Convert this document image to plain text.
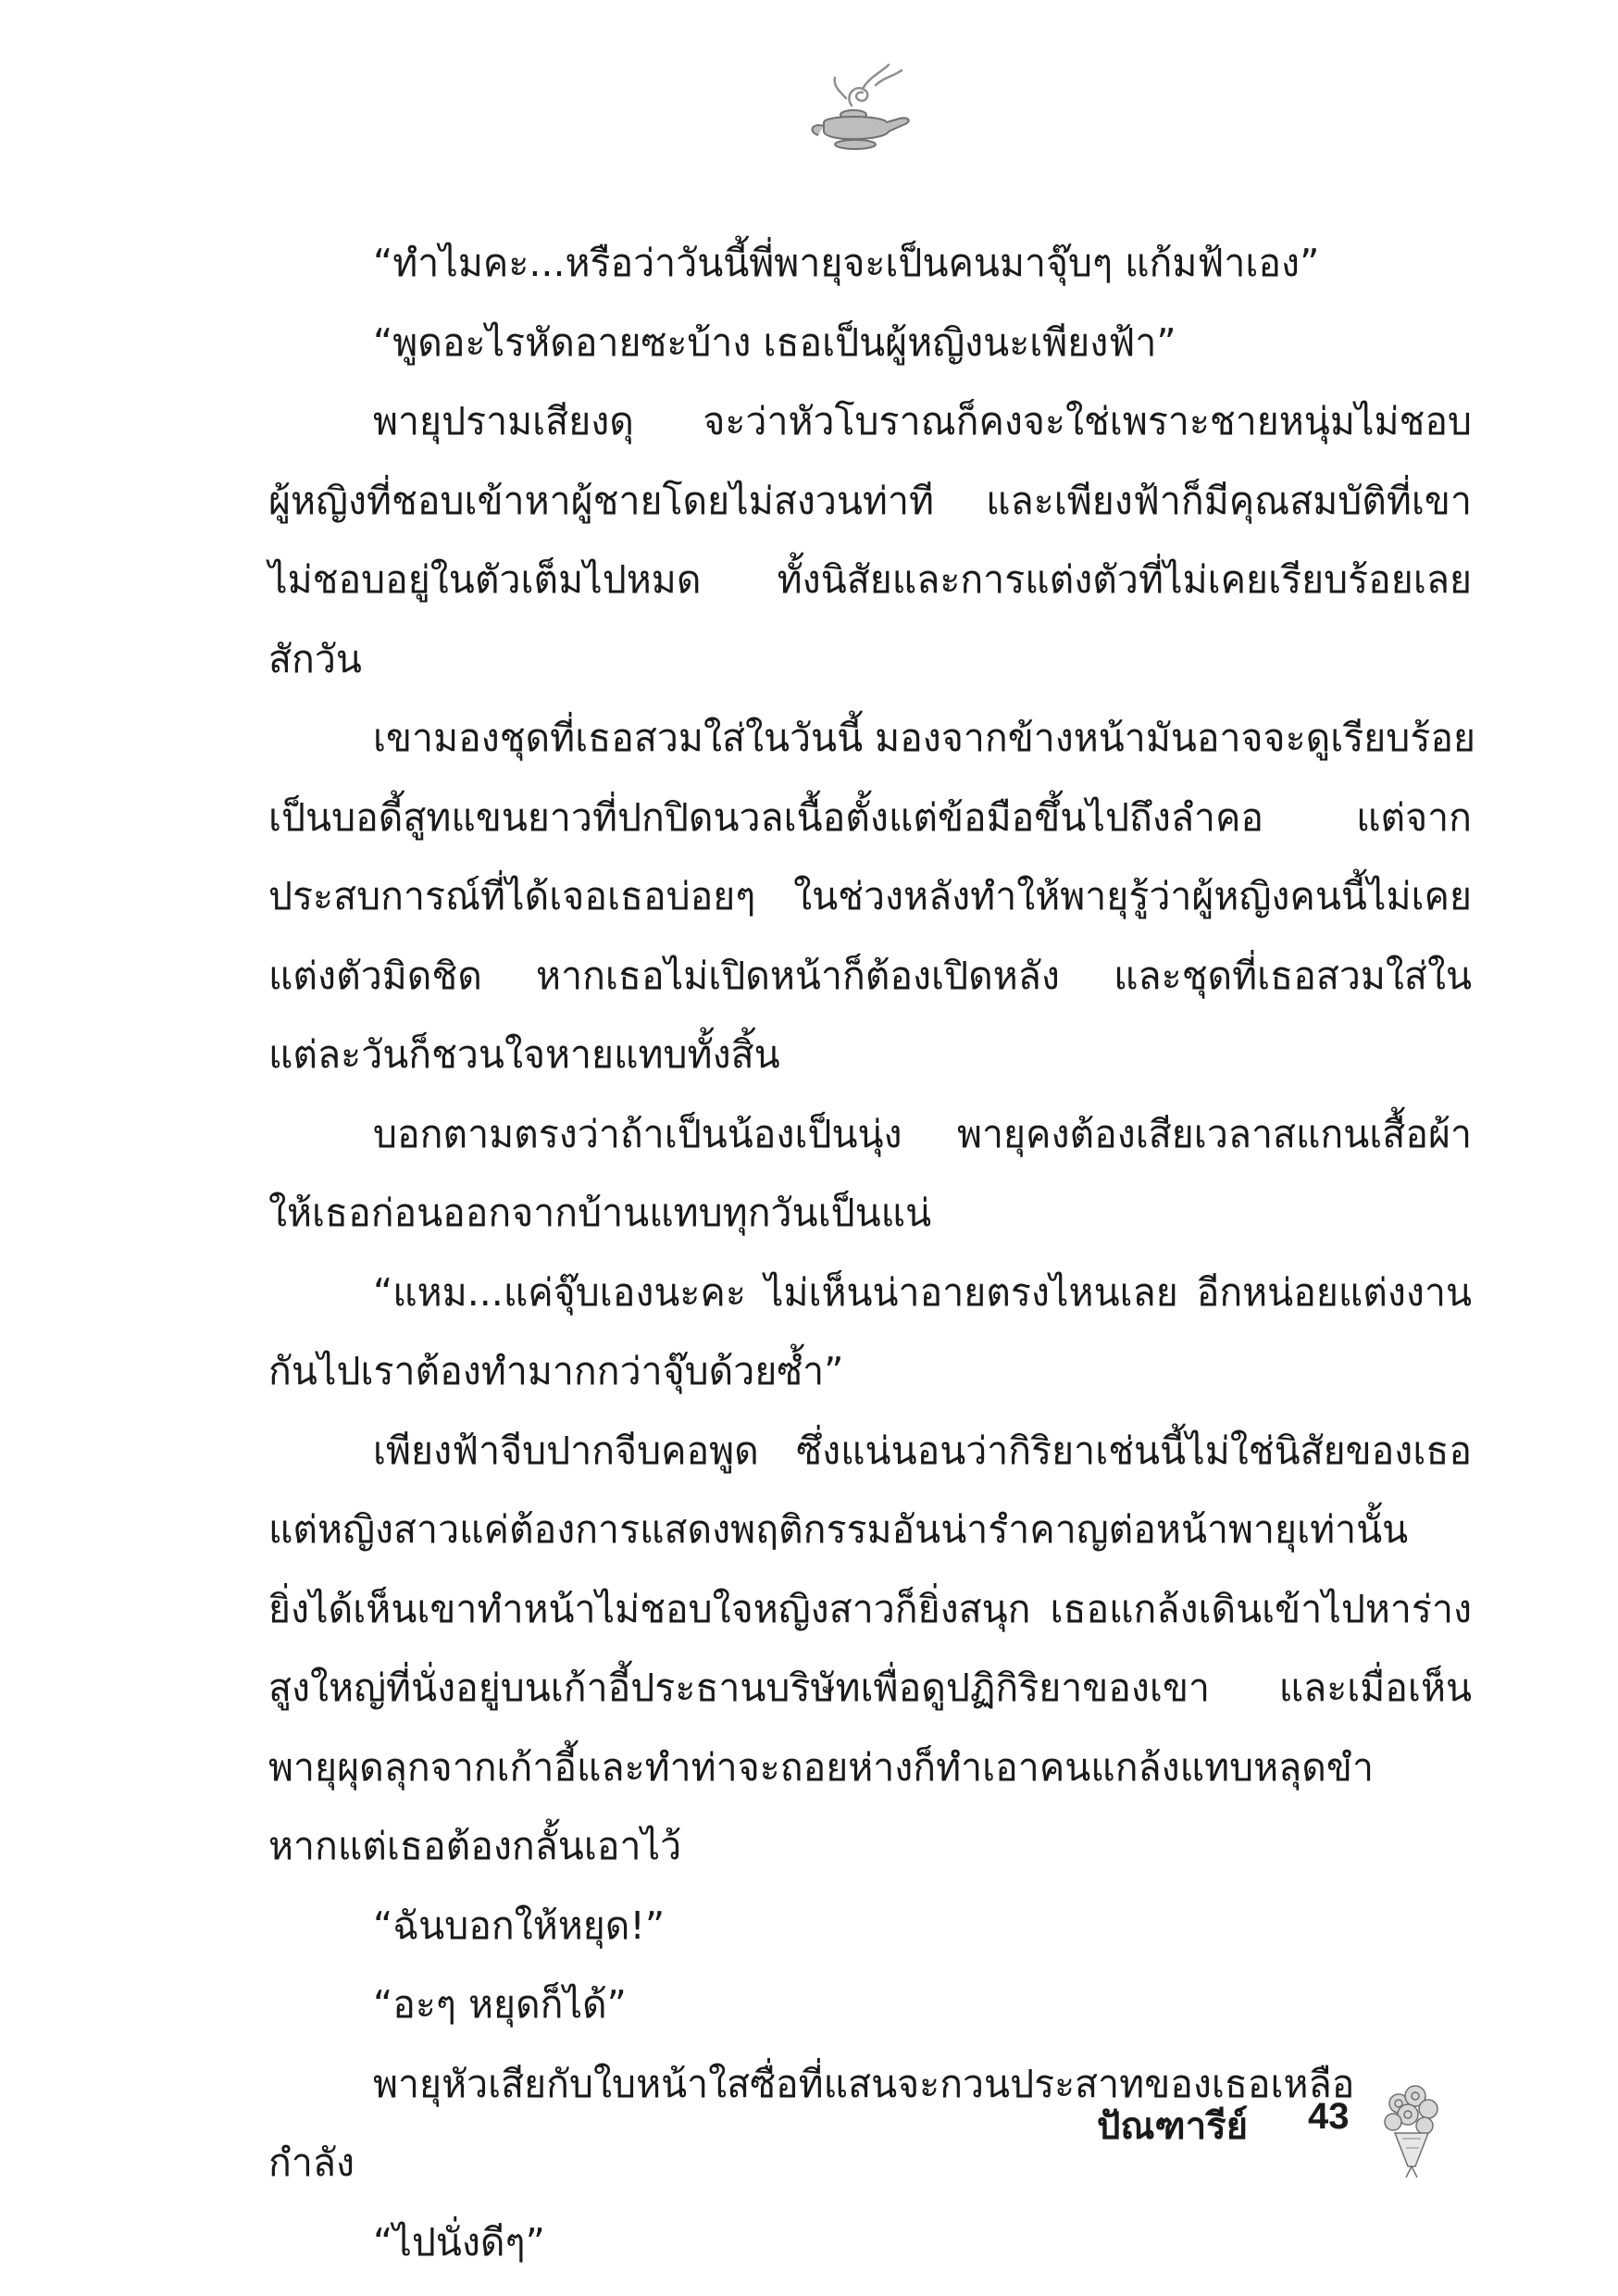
“ทำไมคะ...หรือว่าวันนี้พี่พายุจะเป็นคนมาจุ๊บๆ แก้มฟ้าเอง”
“พูดอะไรหัดอายซะบ้าง เธอเป็นผู้หญิงนะเพียงฟ้า”
พายุปรามเสียงดุ จะว่าหัวโบราณก็คงจะใช่เพราะชายหนุ่มไม่ชอบ
ผู้หญิงที่ชอบเข้าหาผู้ชายโดยไม่สงวนท่าที และเพียงฟ้าก็มีคุณสมบัติที่เขา
ไม่ชอบอยู่ในตัวเต็มไปหมด ทั้งนิสัยและการแต่งตัวที่ไม่เคยเรียบร้อยเลย
สักวัน
เขามองชุดที่เธอสวมใส่ในวันนี้ มองจากข้างหน้ามันอาจจะดูเรียบร้อย
เป็นบอดี้สูทแขนยาวที่ปกปิดนวลเนื้อตั้งแต่ข้อมือขึ้นไปถึงลำคอ แต่จาก
ประสบการณ์ที่ได้เจอเธอบ่อยๆ ในช่วงหลังทำให้พายุรู้ว่าผู้หญิงคนนี้ไม่เคย
แต่งตัวมิดชิด หากเธอไม่เปิดหน้าก็ต้องเปิดหลัง และชุดที่เธอสวมใส่ใน
แต่ละวันก็ชวนใจหายแทบทั้งสิ้น
บอกตามตรงว่าถ้าเป็นน้องเป็นนุ่ง พายุคงต้องเสียเวลาสแกนเสื้อผ้า
ให้เธอก่อนออกจากบ้านแทบทุกวันเป็นแน่
“แหม...แค่จุ๊บเองนะคะ ไม่เห็นน่าอายตรงไหนเลย อีกหน่อยแต่งงาน
กันไปเราต้องทำมากกว่าจุ๊บด้วยซ้ำ”
เพียงฟ้าจีบปากจีบคอพูด ซึ่งแน่นอนว่ากิริยาเช่นนี้ไม่ใช่นิสัยของเธอ
แต่หญิงสาวแค่ต้องการแสดงพฤติกรรมอันน่ารำคาญต่อหน้าพายุเท่านั้น
ยิ่งได้เห็นเขาทำหน้าไม่ชอบใจหญิงสาวก็ยิ่งสนุก เธอแกล้งเดินเข้าไปหาร่าง
สูงใหญ่ที่นั่งอยู่บนเก้าอี้ประธานบริษัทเพื่อดูปฏิกิริยาของเขา และเมื่อเห็น
พายุผุดลุกจากเก้าอี้และทำท่าจะถอยห่างก็ทำเอาคนแกล้งแทบหลุดขำ
หากแต่เธอต้องกลั้นเอาไว้
“ฉันบอกให้หยุด!”
“อะๆ หยุดก็ได้”
พายุหัวเสียกับใบหน้าใสซื่อที่แสนจะกวนประสาทของเธอเหลือ
กำลัง
“ไปนั่งดีๆ”
ปัณฑารีย์ 43
